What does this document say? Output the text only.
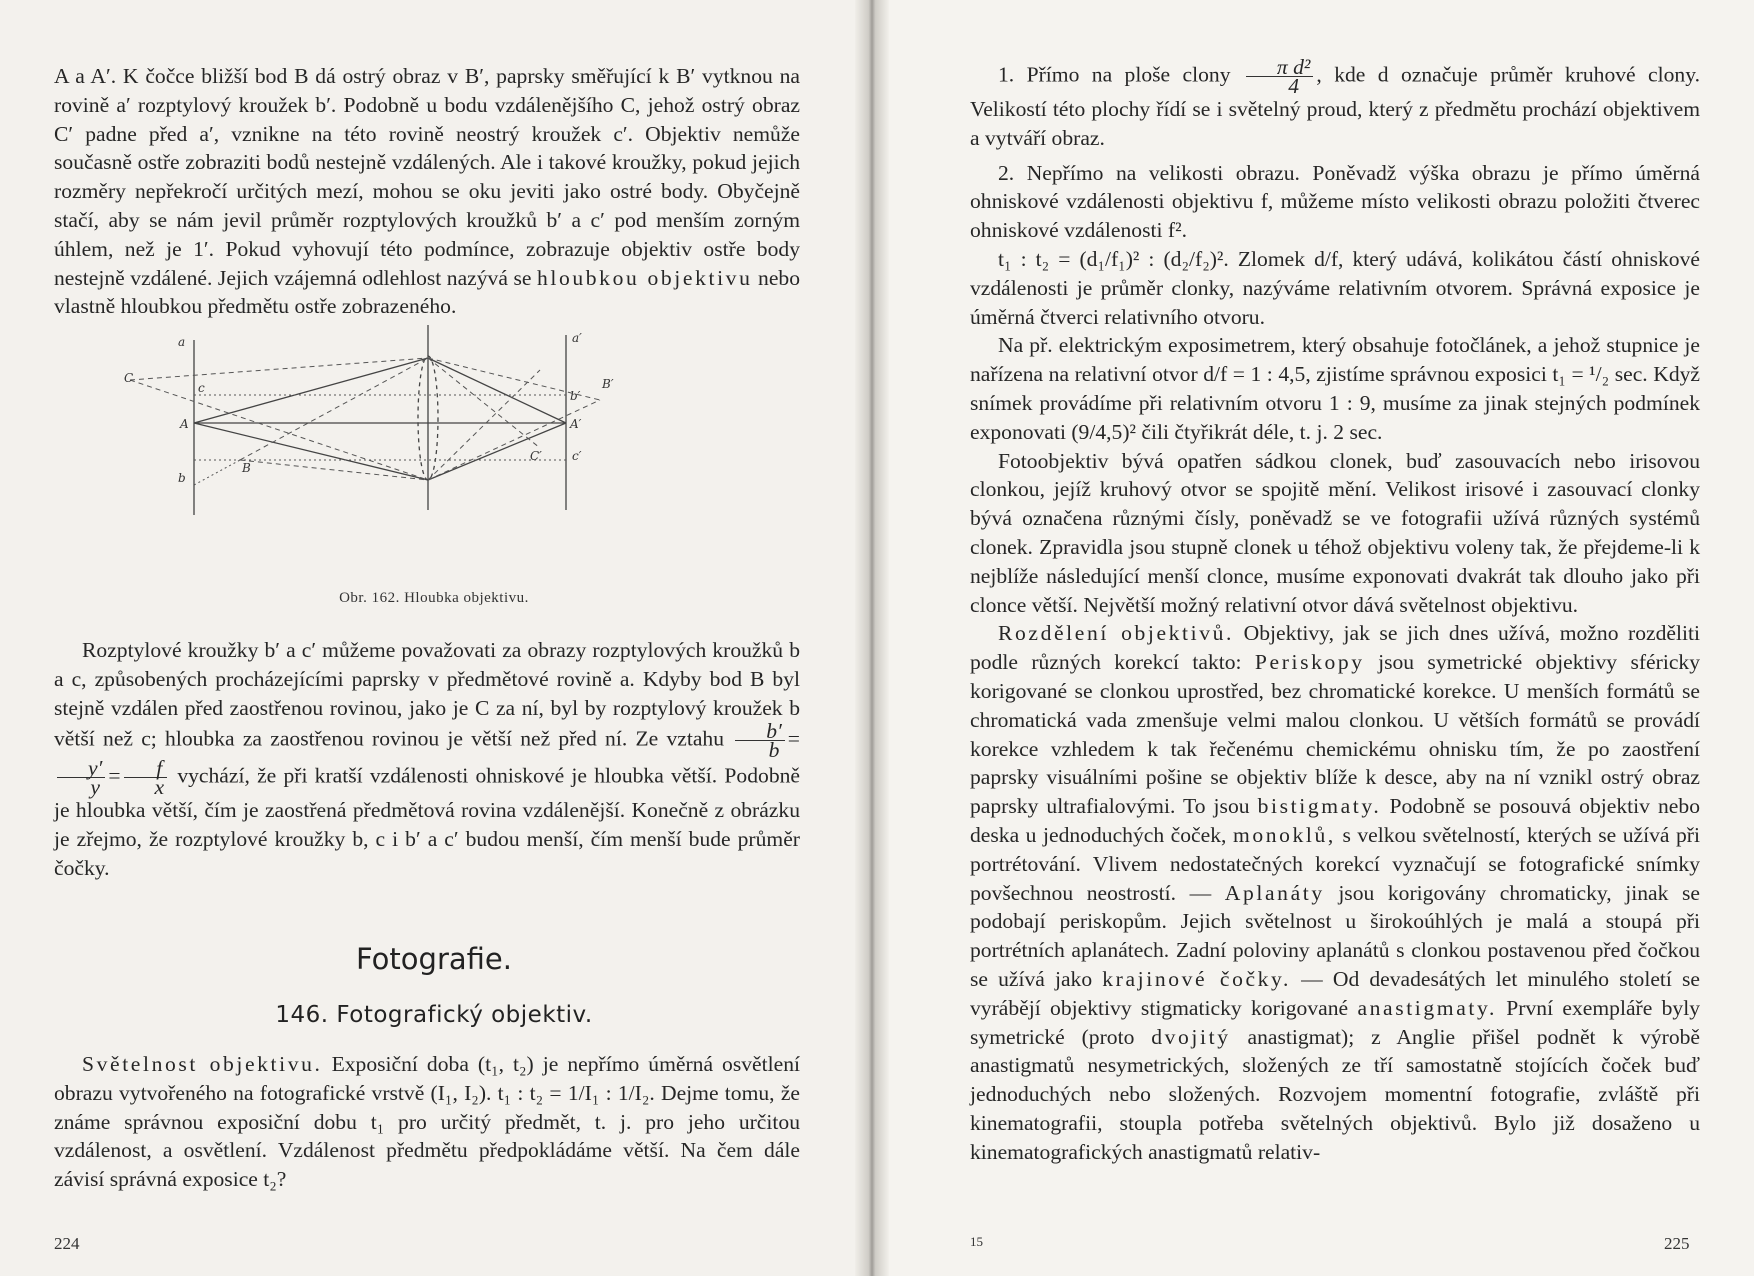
A a A′. K čočce bližší bod B dá ostrý obraz v B′, paprsky směřující k B′ vytknou na rovině a′ rozptylový kroužek b′. Podobně u bodu vzdálenějšího C, jehož ostrý obraz C′ padne před a′, vznikne na této rovině neostrý kroužek c′. Objektiv nemůže současně ostře zobraziti bodů nestejně vzdálených. Ale i takové kroužky, pokud jejich rozměry nepřekročí určitých mezí, mohou se oku jeviti jako ostré body. Obyčejně stačí, aby se nám jevil průměr rozptylových kroužků b′ a c′ pod menším zorným úhlem, než je 1′. Pokud vyhovují této podmínce, zobrazuje objektiv ostře body nestejně vzdálené. Jejich vzájemná odlehlost nazývá se hloubkou objektivu nebo vlastně hloubkou předmětu ostře zobrazeného.

a	a′
c
C	B′
b′
A	A′
C′	c′
B
b
Obr. 162. Hloubka objektivu.

Rozptylové kroužky b′ a c′ můžeme považovati za obrazy rozptylových kroužků b a c, způsobených procházejícími paprsky v předmětové rovině a. Kdyby bod B byl stejně vzdálen před zaostřenou rovinou, jako je C za ní, byl by rozptylový kroužek b větší než c; hloubka za zaostřenou rovinou je větší než před ní. Ze vztahu $\frac{b'}{b}$ =
$\frac{y'}{y} = \frac{f}{x}$ vychází, že při kratší vzdálenosti ohniskové je hloubka větší. Podobně je hloubka větší, čím je zaostřená předmětová rovina vzdálenější. Konečně z obrázku je zřejmo, že rozptylové kroužky b, c i b′ a c′ budou menší, čím menší bude průměr čočky.

Fotografie.
146. Fotografický objektiv.

Světelnost objektivu. Exposiční doba (t₁, t₂) je nepřímo úměrná osvětlení obrazu vytvořeného na fotografické vrstvě (I₁, I₂). t₁ : t₂ = 1/I₁ : 1/I₂. Dejme tomu, že známe správnou exposiční dobu t₁ pro určitý předmět, t. j. pro jeho určitou vzdálenost, a osvětlení. Vzdálenost předmětu předpokládáme větší. Na čem dále závisí správná exposice t₂?

224

1. Přímo na ploše clony $\frac{\text{π d²}}{4}$ , kde d označuje průměr kruhové clony. Velikostí této plochy řídí se i světelný proud, který z předmětu prochází objektivem a vytváří obraz.

2. Nepřímo na velikosti obrazu. Poněvadž výška obrazu je přímo úměrná ohniskové vzdálenosti objektivu f, můžeme místo velikosti obrazu položiti čtverec ohniskové vzdálenosti f².

t₁ : t₂ = (d₁/f₁)² : (d₂/f₂)². Zlomek d/f, který udává, kolikátou částí ohniskové vzdálenosti je průměr clonky, nazýváme relativním otvorem. Správná exposice je úměrná čtverci relativního otvoru.

Na př. elektrickým exposimetrem, který obsahuje fotočlánek, a jehož stupnice je nařízena na relativní otvor d/f = 1 : 4,5, zjistíme správnou exposici t₁ = ¹/₂ sec. Když snímek provádíme při relativním otvoru 1 : 9, musíme za jinak stejných podmínek exponovati (9/4,5)² čili čtyřikrát déle, t. j. 2 sec.

Fotoobjektiv bývá opatřen sádkou clonek, buď zasouvacích nebo irisovou clonkou, jejíž kruhový otvor se spojitě mění. Velikost irisové i zasouvací clonky bývá označena různými čísly, poněvadž se ve fotografii užívá různých systémů clonek. Zpravidla jsou stupně clonek u téhož objektivu voleny tak, že přejdeme-li k nejblíže následující menší clonce, musíme exponovati dvakrát tak dlouho jako při clonce větší. Největší možný relativní otvor dává světelnost objektivu.

Rozdělení objektivů. Objektivy, jak se jich dnes užívá, možno rozděliti podle různých korekcí takto: Periskopy jsou symetrické objektivy sféricky korigované se clonkou uprostřed, bez chromatické korekce. U menších formátů se chromatická vada zmenšuje velmi malou clonkou. U větších formátů se provádí korekce vzhledem k tak řečenému chemickému ohnisku tím, že po zaostření paprsky visuálními pošine se objektiv blíže k desce, aby na ní vznikl ostrý obraz paprsky ultrafialovými. To jsou bistigmaty. Podobně se posouvá objektiv nebo deska u jednoduchých čoček, monoklů, s velkou světelností, kterých se užívá při portrétování. Vlivem nedostatečných korekcí vyznačují se fotografické snímky povšechnou neostrostí. — Aplanáty jsou korigovány chromaticky, jinak se podobají periskopům. Jejich světelnost u širokoúhlých je malá a stoupá při portrétních aplanátech. Zadní poloviny aplanátů s clonkou postavenou před čočkou se užívá jako krajinové čočky. — Od devadesátých let minulého století se vyrábějí objektivy stigmaticky korigované anastigmaty. První exempláře byly symetrické (proto dvojitý anastigmat); z Anglie přišel podnět k výrobě anastigmatů nesymetrických, složených ze tří samostatně stojících čoček buď jednoduchých nebo složených. Rozvojem momentní fotografie, zvláště při kinematografii, stoupla potřeba světelných objektivů. Bylo již dosaženo u kinematografických anastigmatů relativ-

15	225
